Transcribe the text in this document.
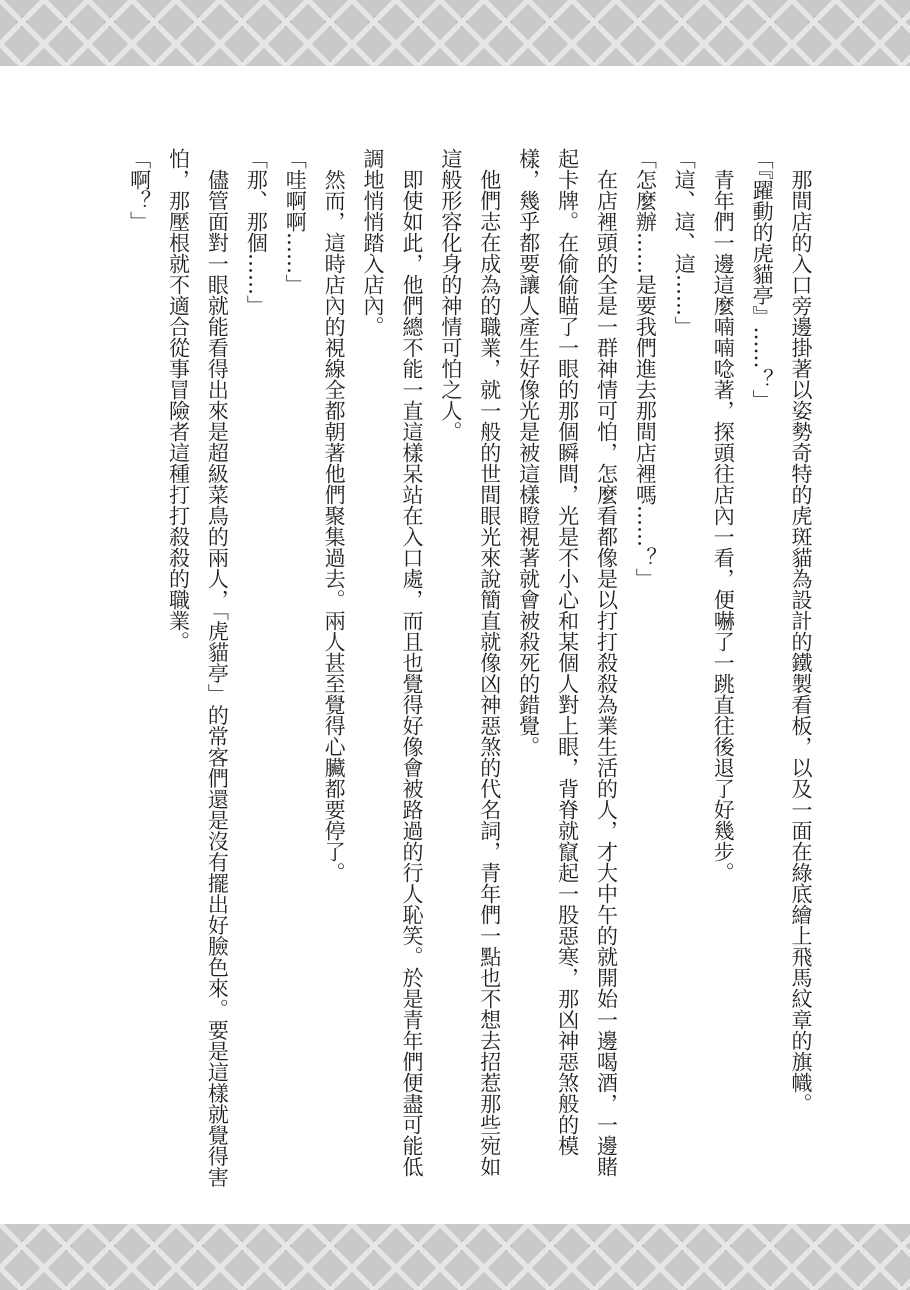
那間店的入口旁邊掛著以姿勢奇特的虎斑貓為設計的鐵製看板，以及一面在綠底繪上飛馬紋章的旗幟。

「『躍動的虎貓亭』……？」

青年們一邊這麼喃喃唸著，探頭往店內一看，便嚇了一跳直往後退了好幾步。

「這、這、這……」

「怎麼辦……是要我們進去那間店裡嗎……？」

在店裡頭的全是一群神情可怕，怎麼看都像是以打打殺殺為業生活的人，才大中午的就開始一邊喝酒，一邊賭起卡牌。在偷偷瞄了一眼的那個瞬間，光是不小心和某個人對上眼，背脊就竄起一股惡寒，那凶神惡煞般的模樣，幾乎都要讓人產生好像光是被這樣瞪視著就會被殺死的錯覺。

他們志在成為的職業，就一般的世間眼光來說簡直就像凶神惡煞的代名詞，青年們一點也不想去招惹那些宛如這般形容化身的神情可怕之人。

即使如此，他們總不能一直這樣呆站在入口處，而且也覺得好像會被路過的行人恥笑。於是青年們便盡可能低調地悄悄踏入店內。

然而，這時店內的視線全都朝著他們聚集過去。兩人甚至覺得心臟都要停了。

「哇啊啊……」

「那、那個……」

儘管面對一眼就能看得出來是超級菜鳥的兩人，「虎貓亭」的常客們還是沒有擺出好臉色來。要是這樣就覺得害怕，那壓根就不適合從事冒險者這種打打殺殺的職業。

「啊？」
